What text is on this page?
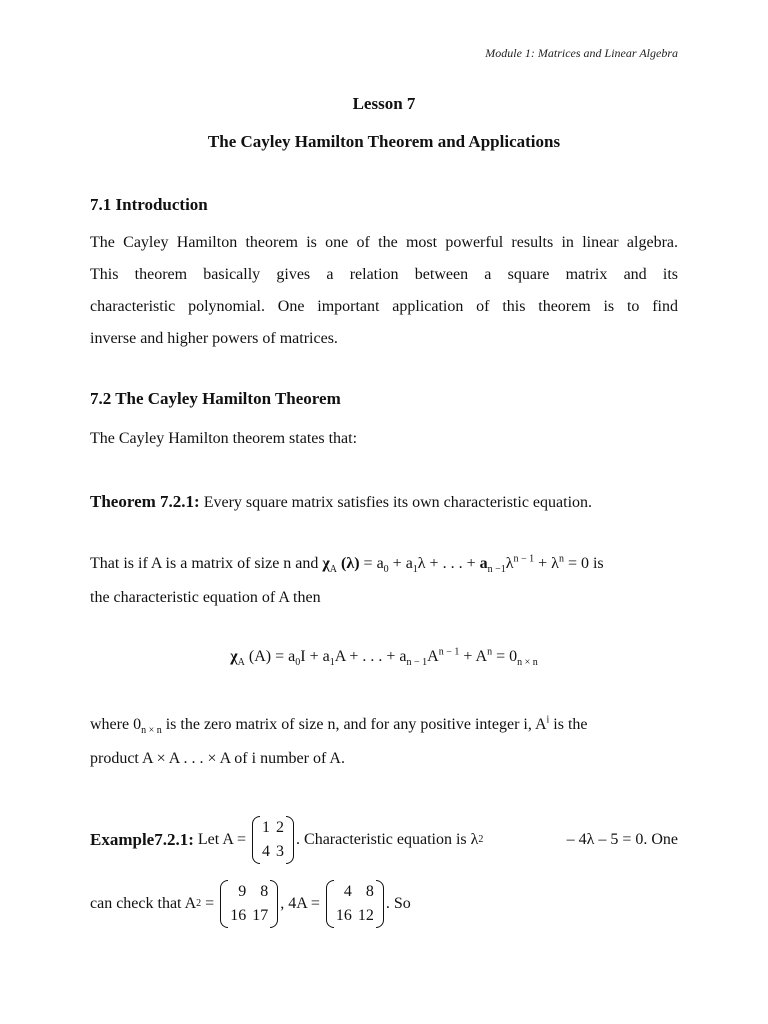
Module 1: Matrices and Linear Algebra
Lesson 7
The Cayley Hamilton Theorem and Applications
7.1 Introduction
The Cayley Hamilton theorem is one of the most powerful results in linear algebra.
This theorem basically gives a relation between a square matrix and its
characteristic polynomial. One important application of this theorem is to find
inverse and higher powers of matrices.
7.2 The Cayley Hamilton Theorem
The Cayley Hamilton theorem states that:
Theorem 7.2.1: Every square matrix satisfies its own characteristic equation.
That is if A is a matrix of size n and $\chi_A$ $(\lambda) = a_0 + a_1\lambda$ + . . . + $a_{n -1}\lambda^{n - 1} + \lambda^n = 0$ is
the characteristic equation of A then
$\chi_A$ $(A) = a_0I + a_1A$ + . . . + $a_{n - 1}A^{n - 1} + A^n = 0_{n \times n}$
where $0_{n \times n}$ is the zero matrix of size n, and for any positive integer i, $A^i$ is the
product A × A . . . × A of i number of A.
Example7.2.1: Let A =
1	2
4	3
. Characteristic equation is λ 2	– 4λ – 5 = 0. One
can check that A 2 =
9	8
16	17
, 4A =
4	8
16	12
. So
